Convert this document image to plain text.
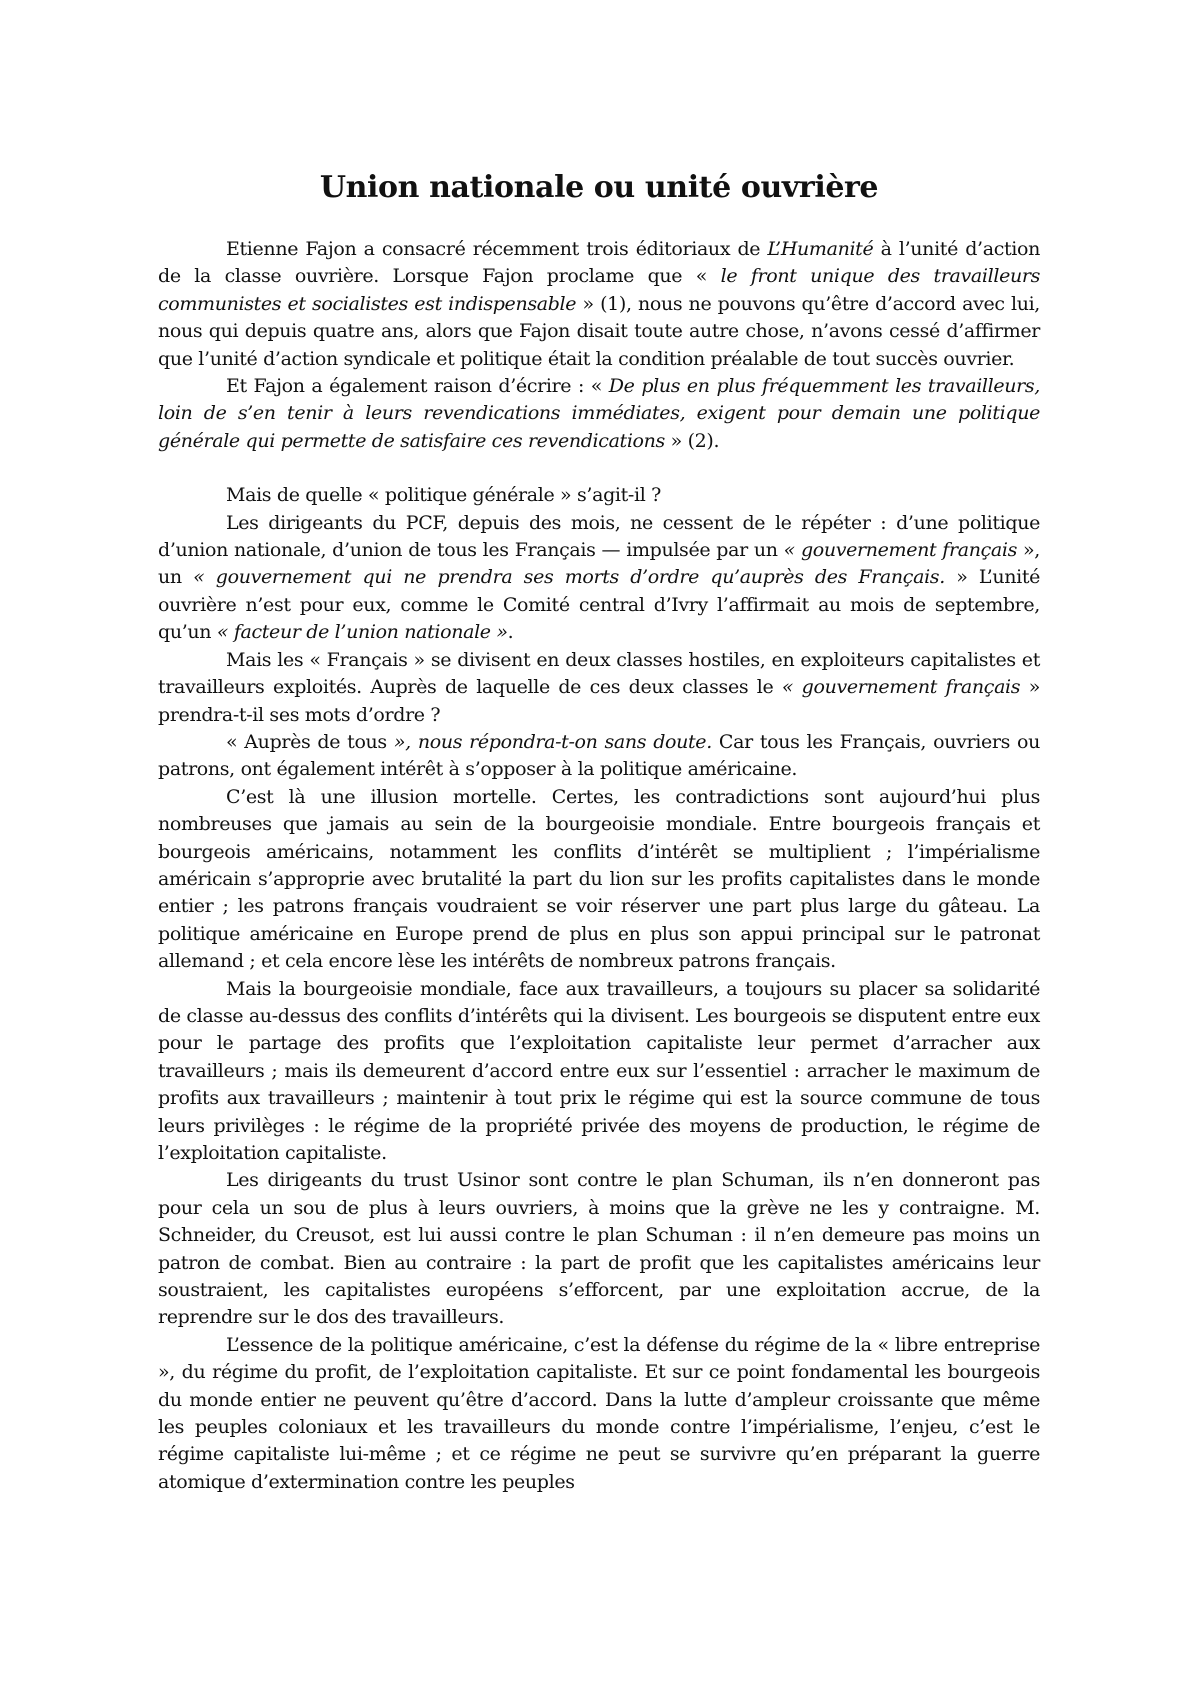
Union nationale ou unité ouvrière

Etienne Fajon a consacré récemment trois éditoriaux de L’Humanité à l’unité d’action de la classe ouvrière. Lorsque Fajon proclame que « le front unique des travailleurs communistes et socialistes est indispensable » (1), nous ne pouvons qu’être d’accord avec lui, nous qui depuis quatre ans, alors que Fajon disait toute autre chose, n’avons cessé d’affirmer que l’unité d’action syndicale et politique était la condition préalable de tout succès ouvrier.

Et Fajon a également raison d’écrire : « De plus en plus fréquemment les travailleurs, loin de s’en tenir à leurs revendications immédiates, exigent pour demain une politique générale qui permette de satisfaire ces revendications » (2).

Mais de quelle « politique générale » s’agit-il ?

Les dirigeants du PCF, depuis des mois, ne cessent de le répéter : d’une politique d’union nationale, d’union de tous les Français — impulsée par un « gouvernement français », un « gouvernement qui ne prendra ses morts d’ordre qu’auprès des Français. » L’unité ouvrière n’est pour eux, comme le Comité central d’Ivry l’affirmait au mois de septembre, qu’un « facteur de l’union nationale ».

Mais les « Français » se divisent en deux classes hostiles, en exploiteurs capitalistes et travailleurs exploités. Auprès de laquelle de ces deux classes le « gouvernement français » prendra-t-il ses mots d’ordre ?

« Auprès de tous », nous répondra-t-on sans doute. Car tous les Français, ouvriers ou patrons, ont également intérêt à s’opposer à la politique américaine.

C’est là une illusion mortelle. Certes, les contradictions sont aujourd’hui plus nombreuses que jamais au sein de la bourgeoisie mondiale. Entre bourgeois français et bourgeois américains, notamment les conflits d’intérêt se multiplient ; l’impérialisme américain s’approprie avec brutalité la part du lion sur les profits capitalistes dans le monde entier ; les patrons français voudraient se voir réserver une part plus large du gâteau. La politique américaine en Europe prend de plus en plus son appui principal sur le patronat allemand ; et cela encore lèse les intérêts de nombreux patrons français.

Mais la bourgeoisie mondiale, face aux travailleurs, a toujours su placer sa solidarité de classe au-dessus des conflits d’intérêts qui la divisent. Les bourgeois se disputent entre eux pour le partage des profits que l’exploitation capitaliste leur permet d’arracher aux travailleurs ; mais ils demeurent d’accord entre eux sur l’essentiel : arracher le maximum de profits aux travailleurs ; maintenir à tout prix le régime qui est la source commune de tous leurs privilèges : le régime de la propriété privée des moyens de production, le régime de l’exploitation capitaliste.

Les dirigeants du trust Usinor sont contre le plan Schuman, ils n’en donneront pas pour cela un sou de plus à leurs ouvriers, à moins que la grève ne les y contraigne. M. Schneider, du Creusot, est lui aussi contre le plan Schuman : il n’en demeure pas moins un patron de combat. Bien au contraire : la part de profit que les capitalistes américains leur soustraient, les capitalistes européens s’efforcent, par une exploitation accrue, de la reprendre sur le dos des travailleurs.

L’essence de la politique américaine, c’est la défense du régime de la « libre entreprise », du régime du profit, de l’exploitation capitaliste. Et sur ce point fondamental les bourgeois du monde entier ne peuvent qu’être d’accord. Dans la lutte d’ampleur croissante que même les peuples coloniaux et les travailleurs du monde contre l’impérialisme, l’enjeu, c’est le régime capitaliste lui-même ; et ce régime ne peut se survivre qu’en préparant la guerre atomique d’extermination contre les peuples
